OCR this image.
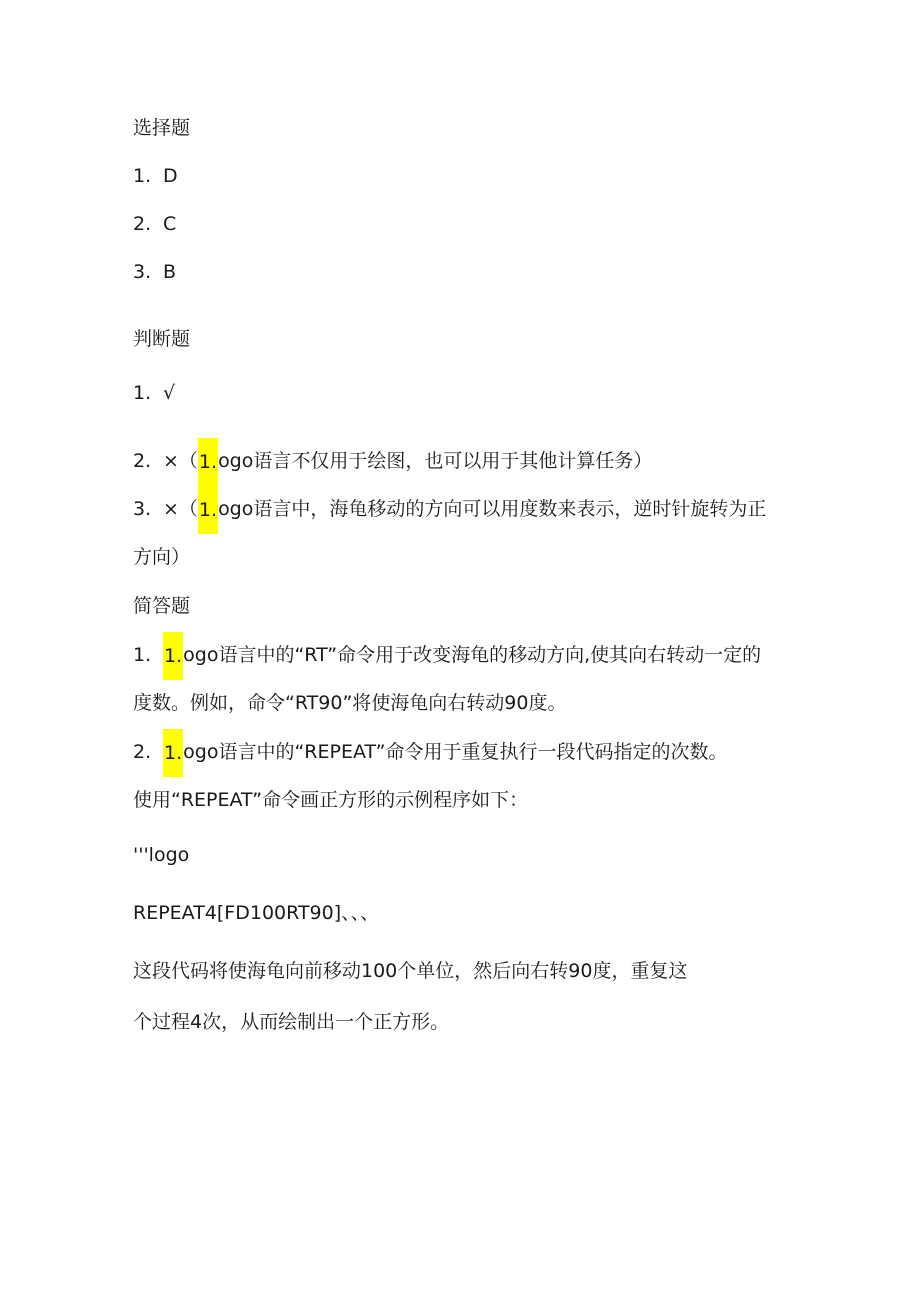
选择题
1. D
2. C
3. B
判断题
1. √
2. ×（1.ogo语言不仅用于绘图，也可以用于其他计算任务）
3. ×（1.ogo语言中，海龟移动的方向可以用度数来表示，逆时针旋转为正
方向）
简答题
1. 1.ogo语言中的“RT”命令用于改变海龟的移动方向,使其向右转动一定的
度数。例如，命令“RT90”将使海龟向右转动90度。
2. 1.ogo语言中的“REPEAT”命令用于重复执行一段代码指定的次数。
使用“REPEAT”命令画正方形的示例程序如下：
'''logo
REPEAT4[FD100RT90]、、、
这段代码将使海龟向前移动100个单位，然后向右转90度，重复这
个过程4次，从而绘制出一个正方形。
